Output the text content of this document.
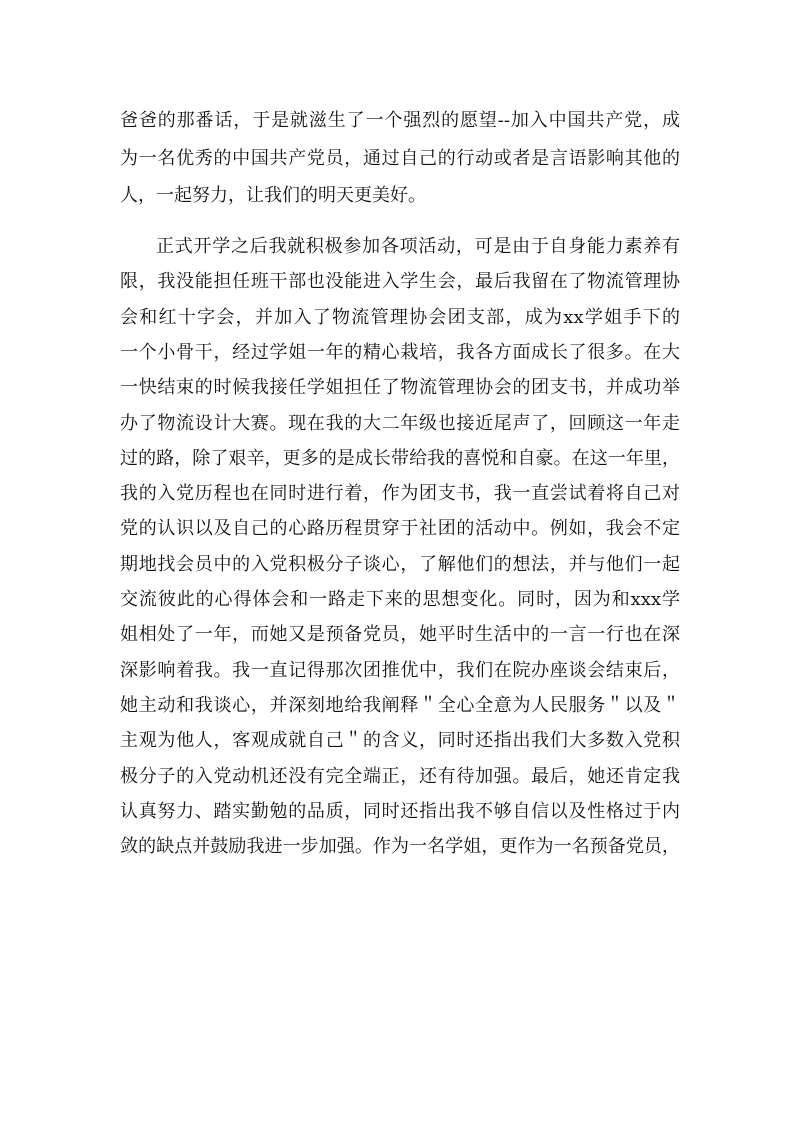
爸爸的那番话，于是就滋生了一个强烈的愿望--加入中国共产党，成
为一名优秀的中国共产党员，通过自己的行动或者是言语影响其他的
人，一起努力，让我们的明天更美好。
正式开学之后我就积极参加各项活动，可是由于自身能力素养有
限，我没能担任班干部也没能进入学生会，最后我留在了物流管理协
会和红十字会，并加入了物流管理协会团支部，成为xx学姐手下的
一个小骨干，经过学姐一年的精心栽培，我各方面成长了很多。在大
一快结束的时候我接任学姐担任了物流管理协会的团支书，并成功举
办了物流设计大赛。现在我的大二年级也接近尾声了，回顾这一年走
过的路，除了艰辛，更多的是成长带给我的喜悦和自豪。在这一年里，
我的入党历程也在同时进行着，作为团支书，我一直尝试着将自己对
党的认识以及自己的心路历程贯穿于社团的活动中。例如，我会不定
期地找会员中的入党积极分子谈心，了解他们的想法，并与他们一起
交流彼此的心得体会和一路走下来的思想变化。同时，因为和xxx学
姐相处了一年，而她又是预备党员，她平时生活中的一言一行也在深
深影响着我。我一直记得那次团推优中，我们在院办座谈会结束后，
她主动和我谈心，并深刻地给我阐释＂全心全意为人民服务＂以及＂
主观为他人，客观成就自己＂的含义，同时还指出我们大多数入党积
极分子的入党动机还没有完全端正，还有待加强。最后，她还肯定我
认真努力、踏实勤勉的品质，同时还指出我不够自信以及性格过于内
敛的缺点并鼓励我进一步加强。作为一名学姐，更作为一名预备党员，
